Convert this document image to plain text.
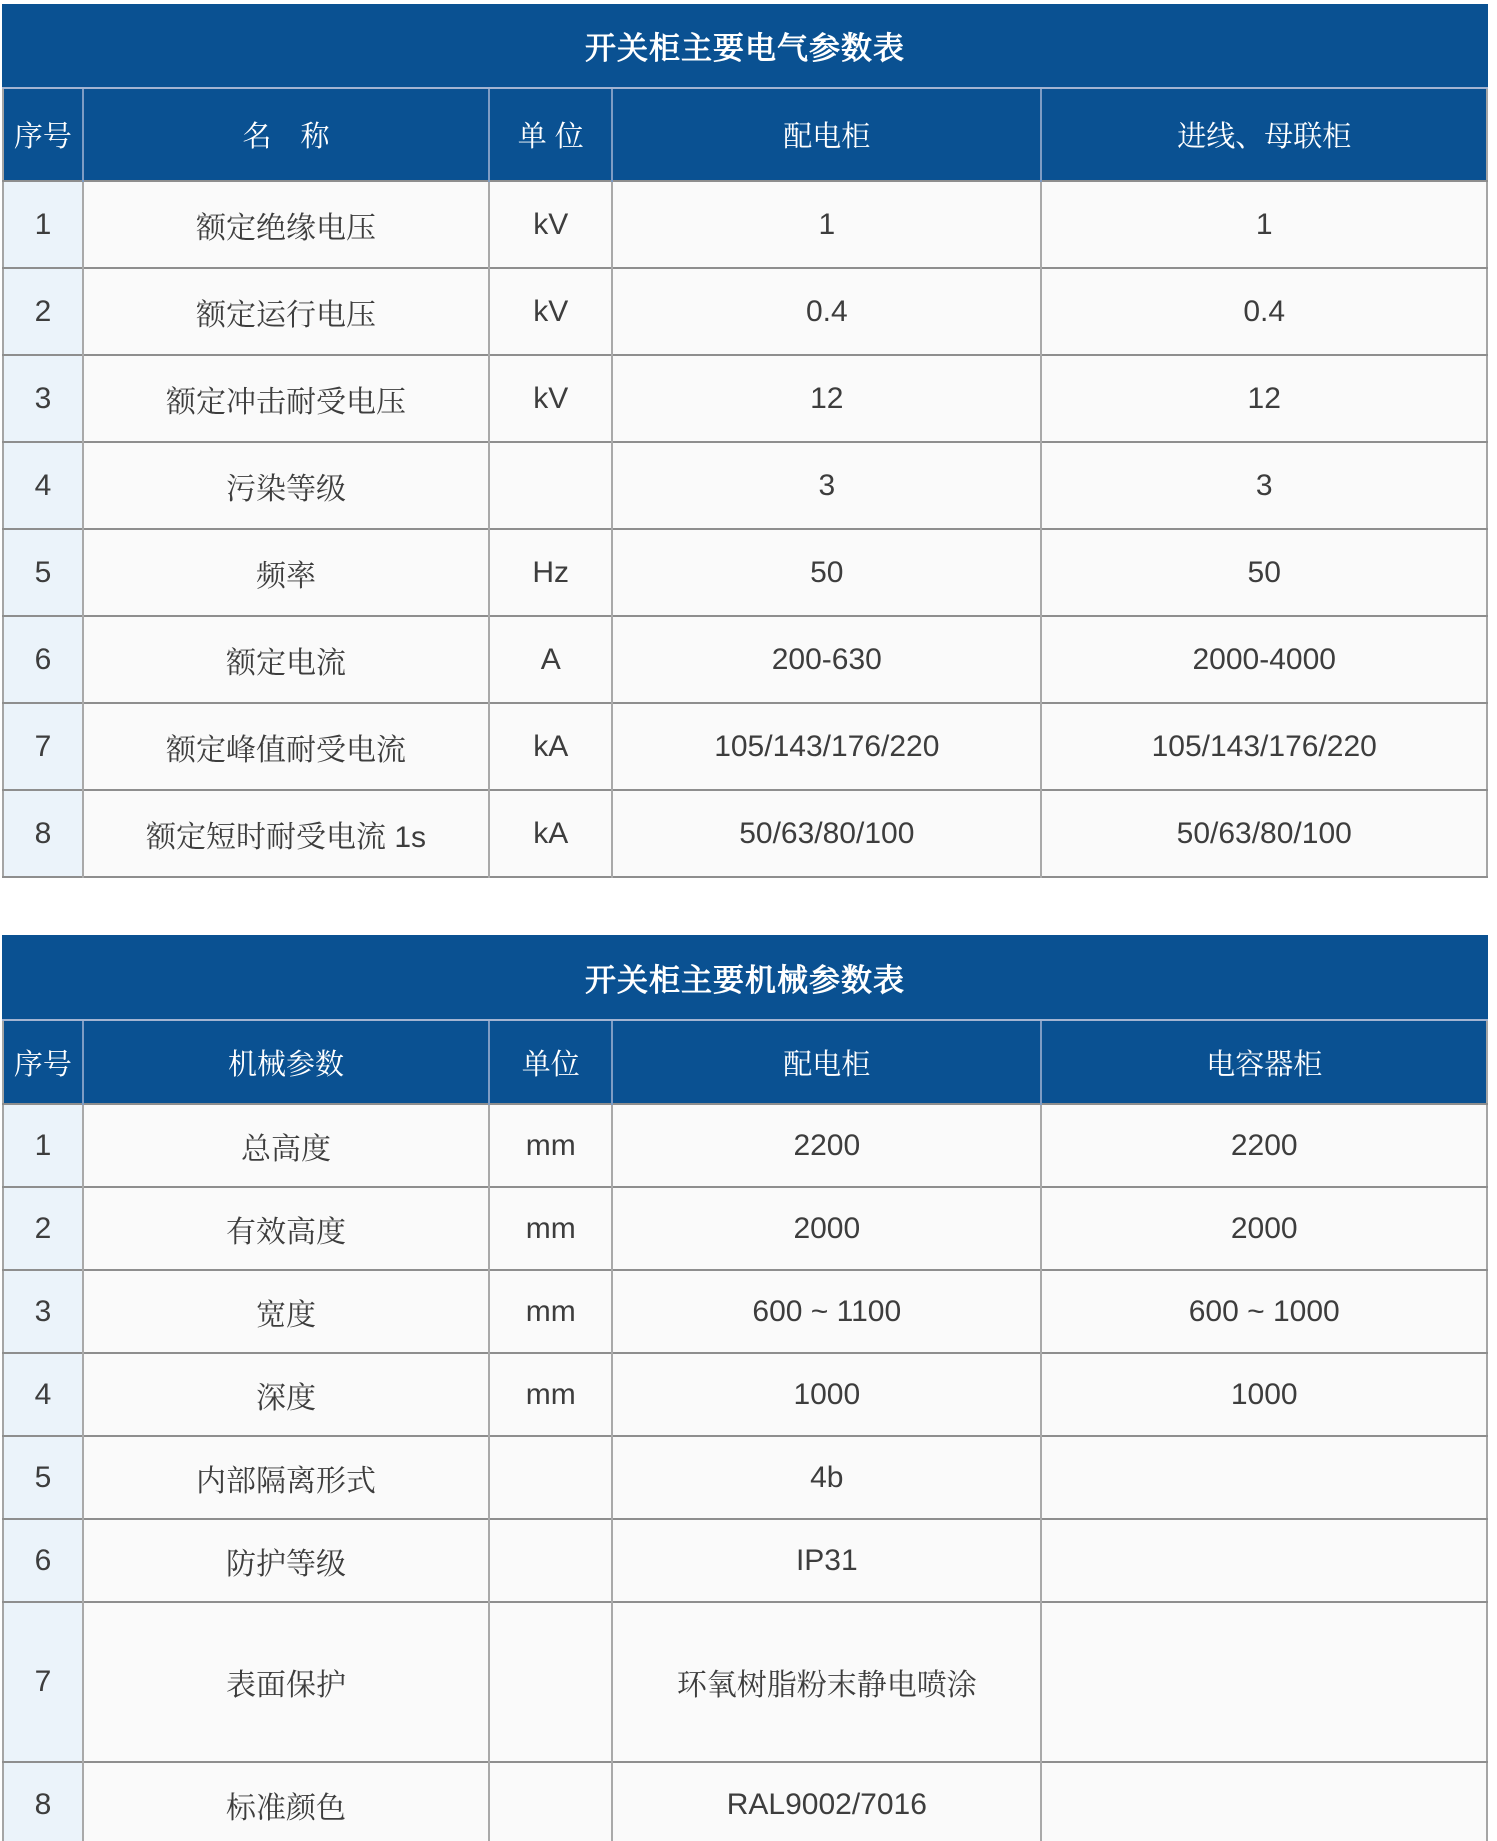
开关柜主要电气参数表
序号	名　称	单 位	配电柜	进线、母联柜
1	额定绝缘电压	kV	1	1
2	额定运行电压	kV	0.4	0.4
3	额定冲击耐受电压	kV	12	12
4	污染等级		3	3
5	频率	Hz	50	50
6	额定电流	A	200-630	2000-4000
7	额定峰值耐受电流	kA	105/143/176/220	105/143/176/220
8	额定短时耐受电流 1s	kA	50/63/80/100	50/63/80/100
开关柜主要机械参数表
序号	机械参数	单位	配电柜	电容器柜
1	总高度	mm	2200	2200
2	有效高度	mm	2000	2000
3	宽度	mm	600 ~ 1100	600 ~ 1000
4	深度	mm	1000	1000
5	内部隔离形式		4b	
6	防护等级		IP31	
7	表面保护		环氧树脂粉末静电喷涂	
8	标准颜色		RAL9002/7016	
